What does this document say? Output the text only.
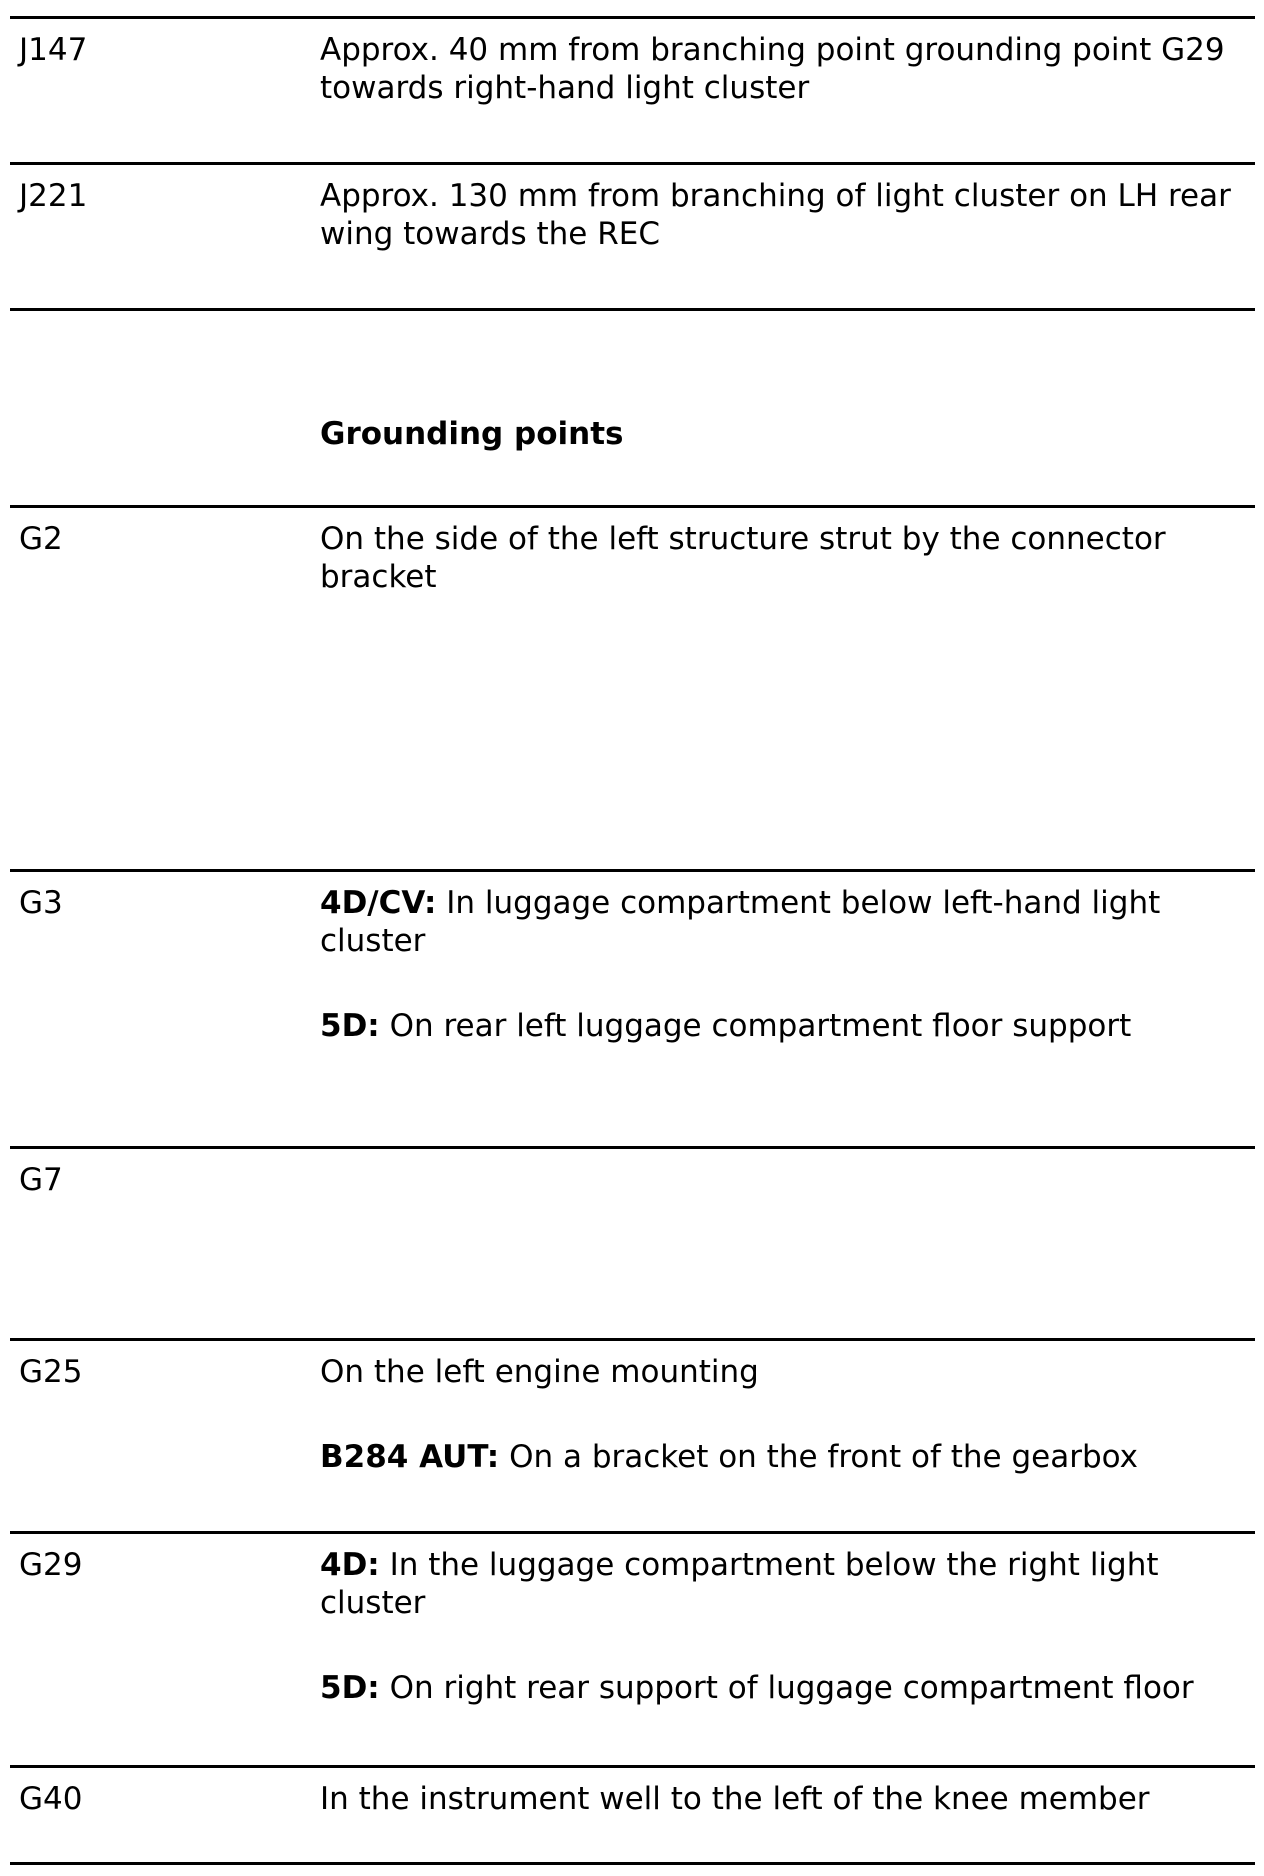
J147	Approx. 40 mm from branching point grounding point G29 towards right-hand light cluster

J221	Approx. 130 mm from branching of light cluster on LH rear wing towards the REC

Grounding points
G2	On the side of the left structure strut by the connector bracket

G3	4D/CV: In luggage compartment below left-hand light cluster

5D: On rear left luggage compartment floor support

G7
G25	On the left engine mounting

B284 AUT: On a bracket on the front of the gearbox

G29	4D: In the luggage compartment below the right light cluster

5D: On right rear support of luggage compartment floor

G40	In the instrument well to the left of the knee member
